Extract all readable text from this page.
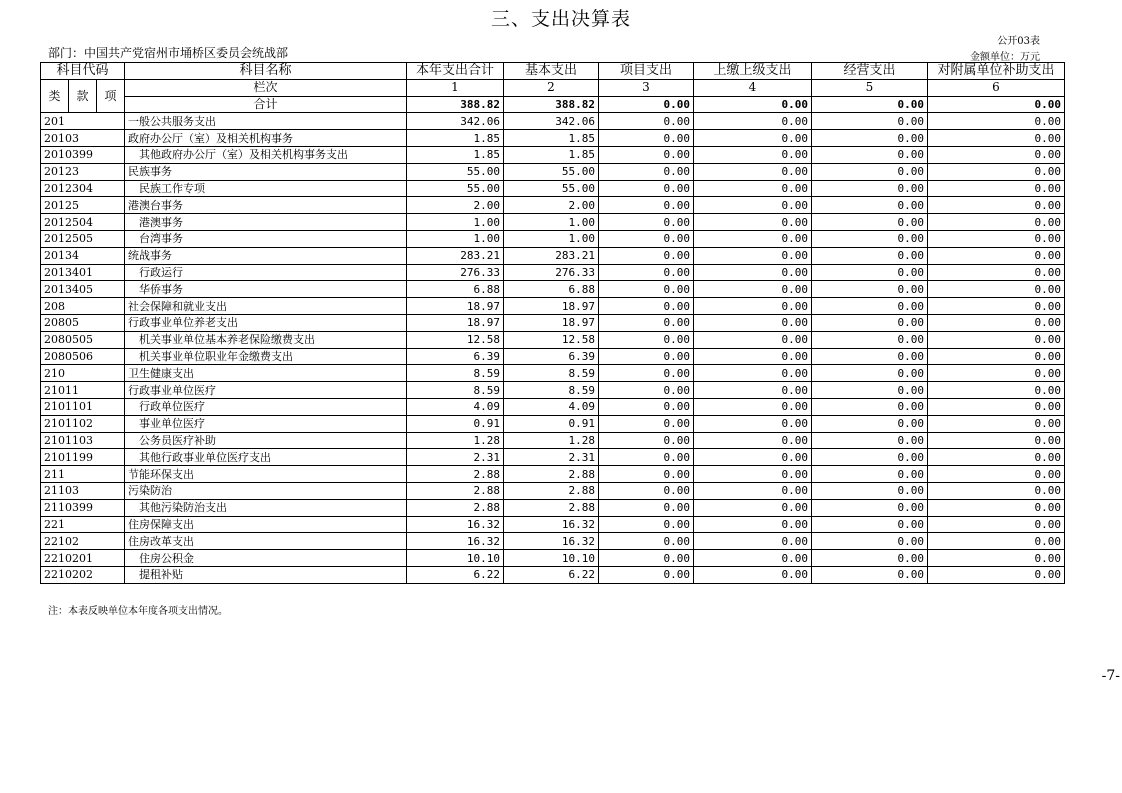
三、支出决算表
公开03表
部门：中国共产党宿州市埇桥区委员会统战部	金额单位：万元
科目代码			科目名称	本年支出合计	基本支出	项目支出	上缴上级支出	经营支出	对附属单位补助支出
类	款	项	栏次	1	2	3	4	5	6
			合计	388.82	388.82	0.00	0.00	0.00	0.00
201			一般公共服务支出	342.06	342.06	0.00	0.00	0.00	0.00
20103			政府办公厅（室）及相关机构事务	1.85	1.85	0.00	0.00	0.00	0.00
2010399			其他政府办公厅（室）及相关机构事务支出	1.85	1.85	0.00	0.00	0.00	0.00
20123			民族事务	55.00	55.00	0.00	0.00	0.00	0.00
2012304			民族工作专项	55.00	55.00	0.00	0.00	0.00	0.00
20125			港澳台事务	2.00	2.00	0.00	0.00	0.00	0.00
2012504			港澳事务	1.00	1.00	0.00	0.00	0.00	0.00
2012505			台湾事务	1.00	1.00	0.00	0.00	0.00	0.00
20134			统战事务	283.21	283.21	0.00	0.00	0.00	0.00
2013401			行政运行	276.33	276.33	0.00	0.00	0.00	0.00
2013405			华侨事务	6.88	6.88	0.00	0.00	0.00	0.00
208			社会保障和就业支出	18.97	18.97	0.00	0.00	0.00	0.00
20805			行政事业单位养老支出	18.97	18.97	0.00	0.00	0.00	0.00
2080505			机关事业单位基本养老保险缴费支出	12.58	12.58	0.00	0.00	0.00	0.00
2080506			机关事业单位职业年金缴费支出	6.39	6.39	0.00	0.00	0.00	0.00
210			卫生健康支出	8.59	8.59	0.00	0.00	0.00	0.00
21011			行政事业单位医疗	8.59	8.59	0.00	0.00	0.00	0.00
2101101			行政单位医疗	4.09	4.09	0.00	0.00	0.00	0.00
2101102			事业单位医疗	0.91	0.91	0.00	0.00	0.00	0.00
2101103			公务员医疗补助	1.28	1.28	0.00	0.00	0.00	0.00
2101199			其他行政事业单位医疗支出	2.31	2.31	0.00	0.00	0.00	0.00
211			节能环保支出	2.88	2.88	0.00	0.00	0.00	0.00
21103			污染防治	2.88	2.88	0.00	0.00	0.00	0.00
2110399			其他污染防治支出	2.88	2.88	0.00	0.00	0.00	0.00
221			住房保障支出	16.32	16.32	0.00	0.00	0.00	0.00
22102			住房改革支出	16.32	16.32	0.00	0.00	0.00	0.00
2210201			住房公积金	10.10	10.10	0.00	0.00	0.00	0.00
2210202			提租补贴	6.22	6.22	0.00	0.00	0.00	0.00
注：本表反映单位本年度各项支出情况。
-7-
